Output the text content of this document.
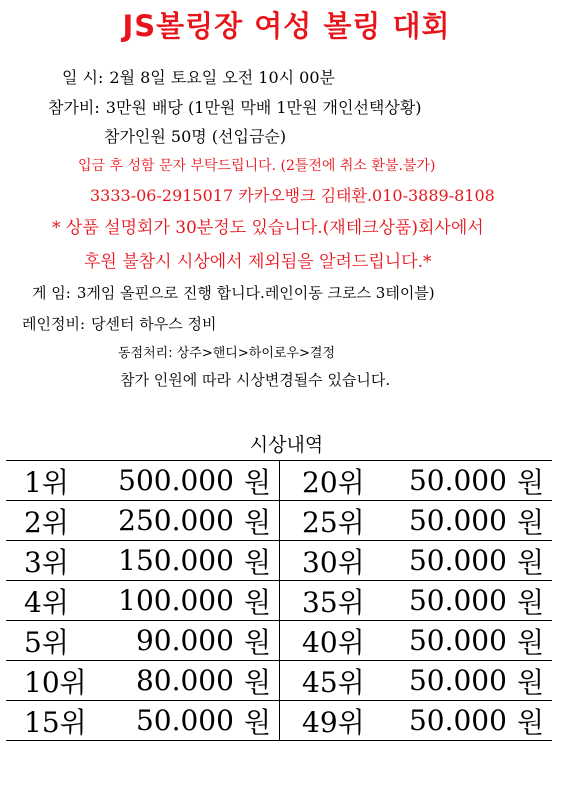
JS볼링장 여성 볼링 대회
일 시: 2월 8일 토요일 오전 10시 00분
참가비: 3만원 배당 (1만원 막배 1만원 개인선택상황)
참가인원 50명 (선입금순)
입금 후 성함 문자 부탁드립니다. (2틀전에 취소 환불.불가)
3333-06-2915017 카카오뱅크 김태환.010-3889-8108
* 상품 설명회가 30분정도 있습니다.(재테크상품)회사에서
후원 불참시 시상에서 제외됨을 알려드립니다.*
게 임: 3게임 올핀으로 진행 합니다.레인이동 크로스 3테이블)
레인정비: 당센터 하우스 정비
동점처리: 상주>핸디>하이로우>결정
참가 인원에 따라 시상변경될수 있습니다.
시상내역
1위 500.000 원	20위 50.000 원

2위 250.000 원	25위 50.000 원

3위 150.000 원	30위 50.000 원

4위 100.000 원	35위 50.000 원

5위 90.000 원	40위 50.000 원

10위 80.000 원	45위 50.000 원

15위 50.000 원	49위 50.000 원
